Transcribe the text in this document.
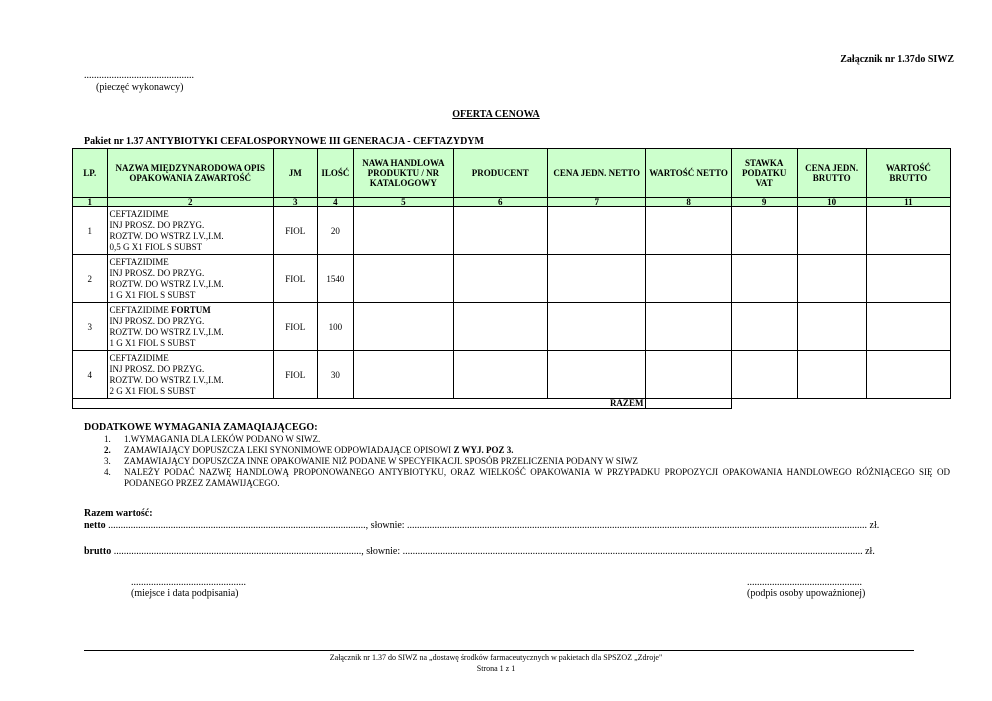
Załącznik nr 1.37do SIWZ
............................................
(pieczęć wykonawcy)
OFERTA CENOWA
Pakiet nr 1.37 ANTYBIOTYKI CEFALOSPORYNOWE III GENERACJA - CEFTAZYDYM
LP.	NAZWA MIĘDZYNARODOWA OPIS OPAKOWANIA ZAWARTOŚĆ	JM	ILOŚĆ	NAWA HANDLOWA PRODUKTU / NR KATALOGOWY	PRODUCENT	CENA JEDN. NETTO	WARTOŚĆ NETTO	STAWKA PODATKU VAT	CENA JEDN. BRUTTO	WARTOŚĆ BRUTTO
1	2	3	4	5	6	7	8	9	10	11
1	CEFTAZIDIME
INJ PROSZ. DO PRZYG.
ROZTW. DO WSTRZ I.V.,I.M.
0,5 G X1 FIOL S SUBST	FIOL	20							
2	CEFTAZIDIME
INJ PROSZ. DO PRZYG.
ROZTW. DO WSTRZ I.V.,I.M.
1 G X1 FIOL S SUBST	FIOL	1540							
3	CEFTAZIDIME FORTUM
INJ PROSZ. DO PRZYG.
ROZTW. DO WSTRZ I.V.,I.M.
1 G X1 FIOL S SUBST	FIOL	100							
4	CEFTAZIDIME
INJ PROSZ. DO PRZYG.
ROZTW. DO WSTRZ I.V.,I.M.
2 G X1 FIOL S SUBST	FIOL	30							
RAZEM										
DODATKOWE WYMAGANIA ZAMAQIAJĄCEGO:
1. 1.WYMAGANIA DLA LEKÓW PODANO W SIWZ.
2. ZAMAWIAJĄCY DOPUSZCZA LEKI SYNONIMOWE ODPOWIADAJĄCE OPISOWI Z WYJ. POZ 3.
3. ZAMAWIAJĄCY DOPUSZCZA INNE OPAKOWANIE NIŻ PODANE W SPECYFIKACJI. SPOSÓB PRZELICZENIA PODANY W SIWZ
4. NALEŻY PODAĆ NAZWĘ HANDLOWĄ PROPONOWANEGO ANTYBIOTYKU, ORAZ WIELKOŚĆ OPAKOWANIA W PRZYPADKU PROPOZYCJI OPAKOWANIA HANDLOWEGO RÓŻNIĄCEGO SIĘ OD PODANEGO PRZEZ ZAMAWIJĄCEGO.
Razem wartość:
netto ......................................................................................................., słownie: ........................................................................................................................................................................................ zł.
brutto ..................................................................................................., słownie: ........................................................................................................................................................................................ zł.
..............................................
(miejsce i data podpisania)
..............................................
(podpis osoby upoważnionej)
Załącznik nr 1.37 do SIWZ na „dostawę środków farmaceutycznych w pakietach dla SPSZOZ „Zdroje"
Strona 1 z 1
